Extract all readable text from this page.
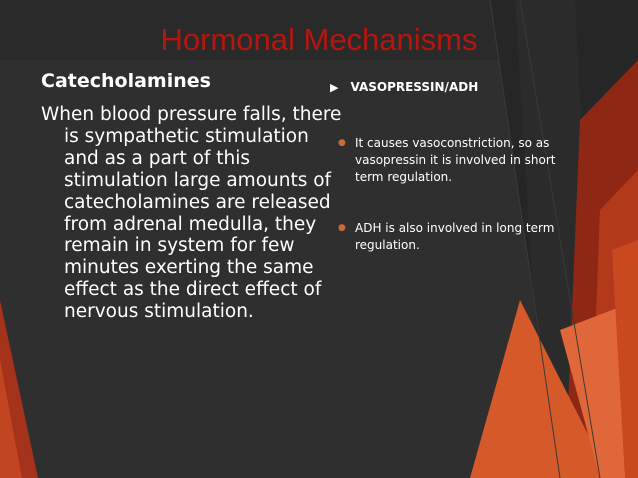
Hormonal Mechanisms
Catecholamines
When blood pressure falls, there is sympathetic stimulation and as a part of this stimulation large amounts of catecholamines are released from adrenal medulla, they remain in system for few minutes exerting the same effect as the direct effect of nervous stimulation.
▶ VASOPRESSIN/ADH
● It causes vasoconstriction, so as vasopressin it is involved in short term regulation.
● ADH is also involved in long term regulation.
